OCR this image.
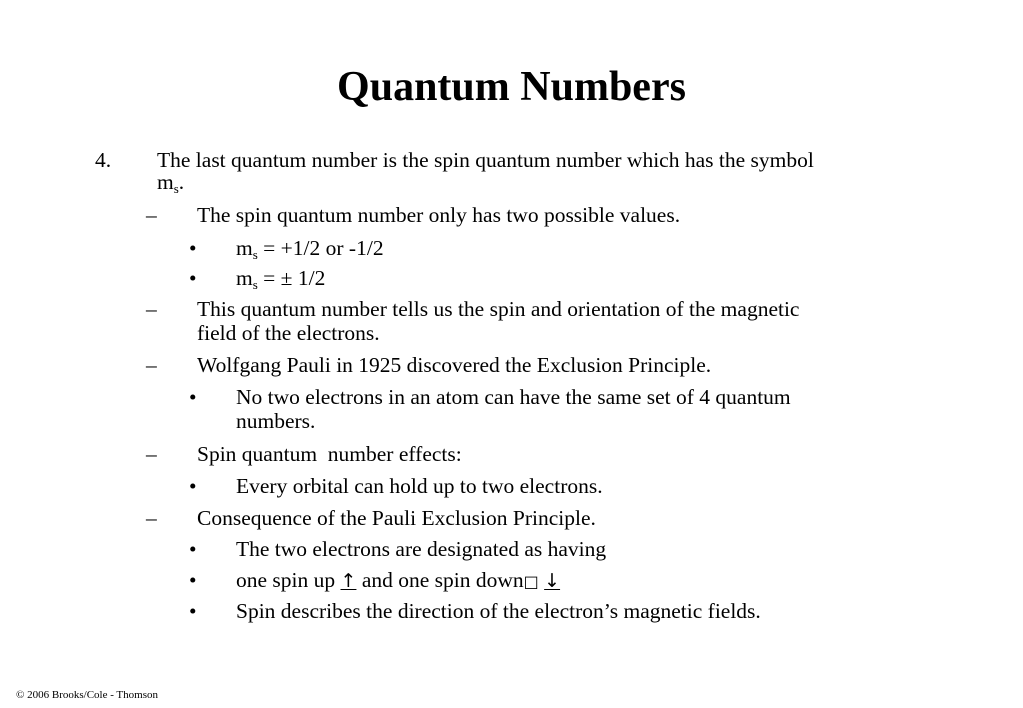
Quantum Numbers
4. The last quantum number is the spin quantum number which has the symbol
$m_s$.
– The spin quantum number only has two possible values.
• $m_s = +1/2$ or -1/2
• $m_s$ = ± 1/2
– This quantum number tells us the spin and orientation of the magnetic
field of the electrons.
– Wolfgang Pauli in 1925 discovered the Exclusion Principle.
• No two electrons in an atom can have the same set of 4 quantum
numbers.
– Spin quantum  number effects:
• Every orbital can hold up to two electrons.
– Consequence of the Pauli Exclusion Principle.
• The two electrons are designated as having
• one spin up ↑ and one spin down□ ↓
• Spin describes the direction of the electron’s magnetic fields.
© 2006 Brooks/Cole - Thomson
